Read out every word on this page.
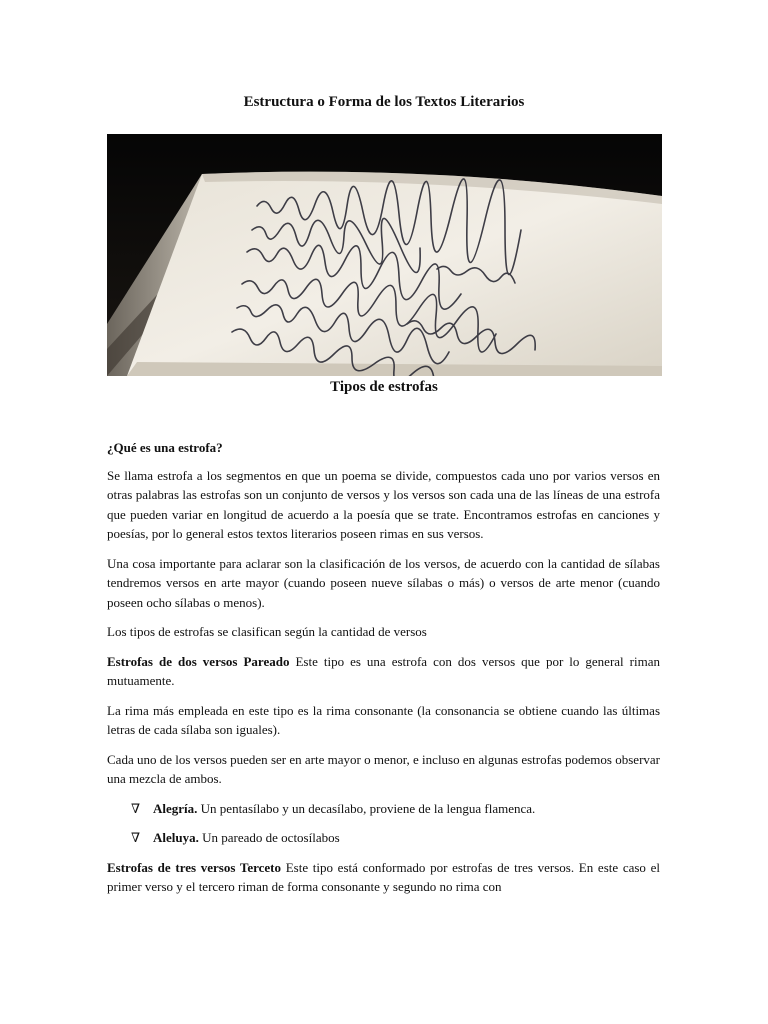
Estructura o Forma de los Textos Literarios
Tipos de estrofas

¿Qué es una estrofa?

Se llama estrofa a los segmentos en que un poema se divide, compuestos cada uno por varios versos en otras palabras las estrofas son un conjunto de versos y los versos son cada una de las líneas de una estrofa que pueden variar en longitud de acuerdo a la poesía que se trate. Encontramos estrofas en canciones y poesías, por lo general estos textos literarios poseen rimas en sus versos.

Una cosa importante para aclarar son la clasificación de los versos, de acuerdo con la cantidad de sílabas tendremos versos en arte mayor (cuando poseen nueve sílabas o más) o versos de arte menor (cuando poseen ocho sílabas o menos).

Los tipos de estrofas se clasifican según la cantidad de versos

Estrofas de dos versos Pareado Este tipo es una estrofa con dos versos que por lo general riman mutuamente.

La rima más empleada en este tipo es la rima consonante (la consonancia se obtiene cuando las últimas letras de cada sílaba son iguales).

Cada uno de los versos pueden ser en arte mayor o menor, e incluso en algunas estrofas podemos observar una mezcla de ambos.

∇ Alegría. Un pentasílabo y un decasílabo, proviene de la lengua flamenca.
∇ Aleluya. Un pareado de octosílabos

Estrofas de tres versos Terceto Este tipo está conformado por estrofas de tres versos. En este caso el primer verso y el tercero riman de forma consonante y segundo no rima con
